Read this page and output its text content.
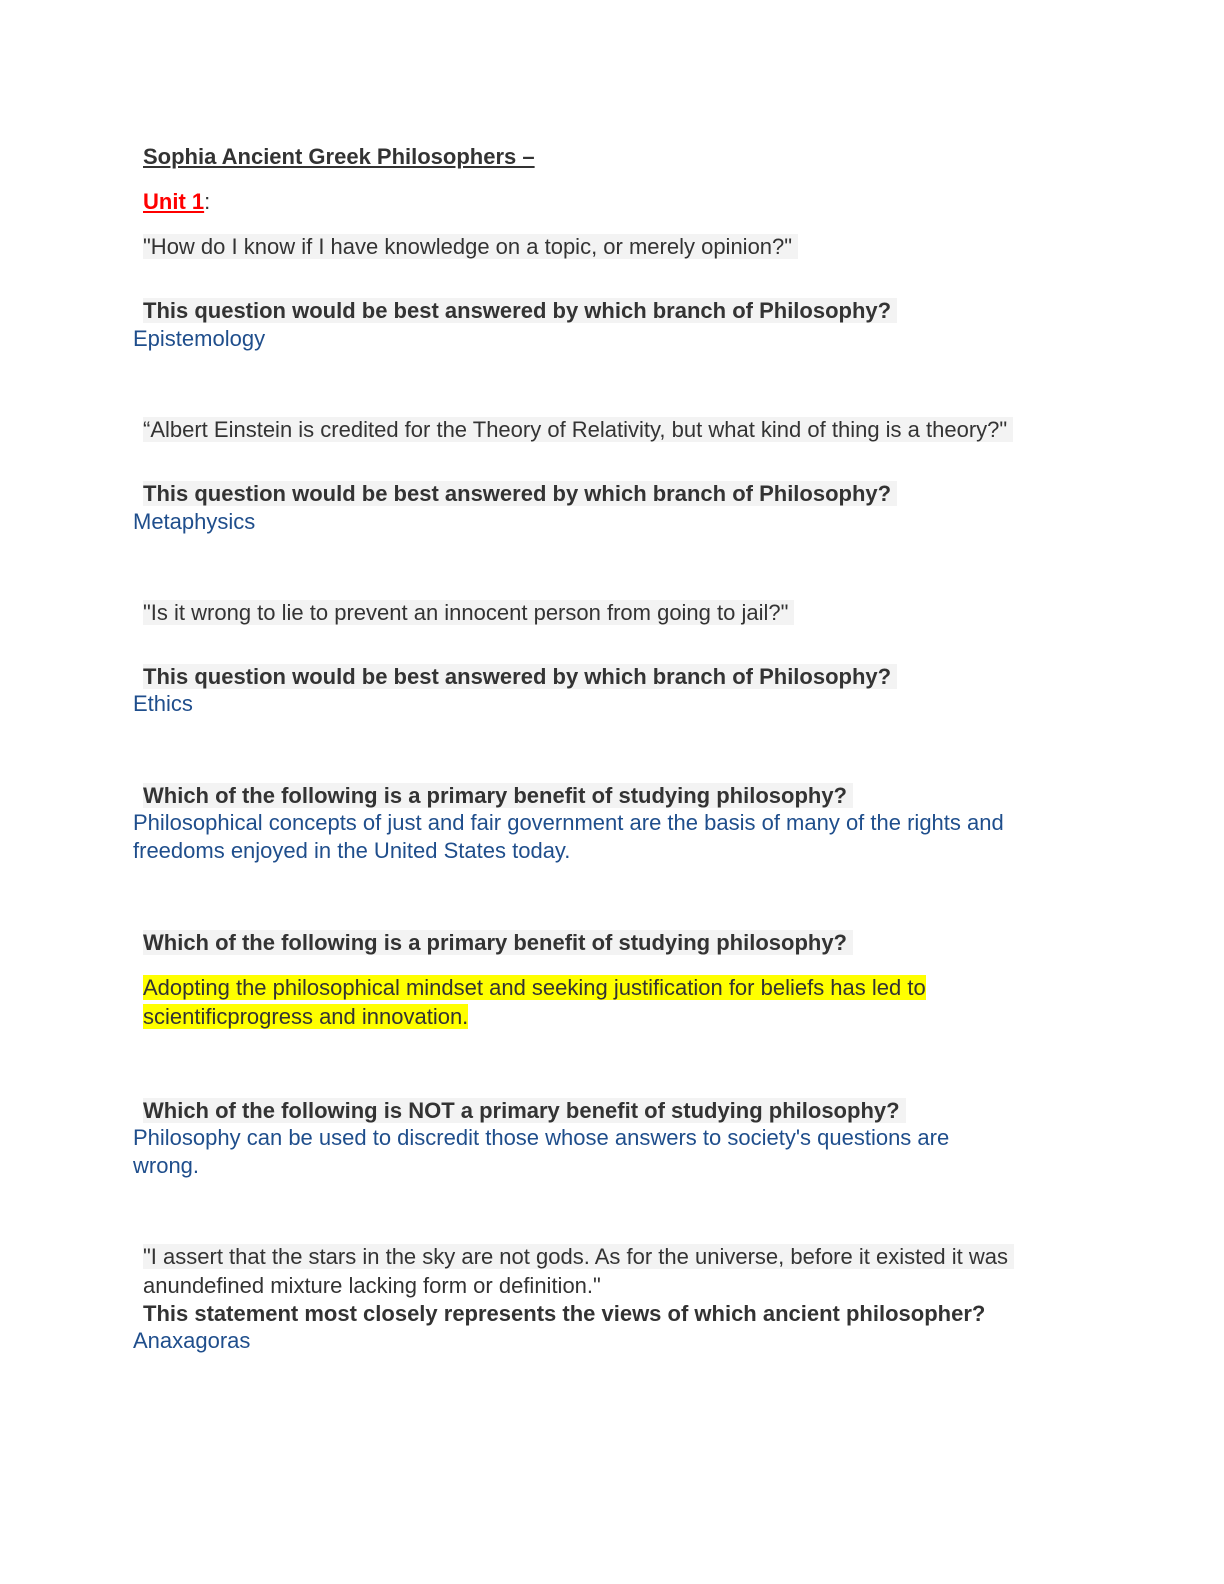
Sophia Ancient Greek Philosophers –
Unit 1:
"How do I know if I have knowledge on a topic, or merely opinion?"
This question would be best answered by which branch of Philosophy?
Epistemology
“Albert Einstein is credited for the Theory of Relativity, but what kind of thing is a theory?"
This question would be best answered by which branch of Philosophy?
Metaphysics
"Is it wrong to lie to prevent an innocent person from going to jail?"
This question would be best answered by which branch of Philosophy?
Ethics
Which of the following is a primary benefit of studying philosophy?
Philosophical concepts of just and fair government are the basis of many of the rights and
freedoms enjoyed in the United States today.
Which of the following is a primary benefit of studying philosophy?
Adopting the philosophical mindset and seeking justification for beliefs has led to
scientificprogress and innovation.
Which of the following is NOT a primary benefit of studying philosophy?
Philosophy can be used to discredit those whose answers to society's questions are
wrong.
"I assert that the stars in the sky are not gods. As for the universe, before it existed it was
anundefined mixture lacking form or definition."
This statement most closely represents the views of which ancient philosopher?
Anaxagoras
